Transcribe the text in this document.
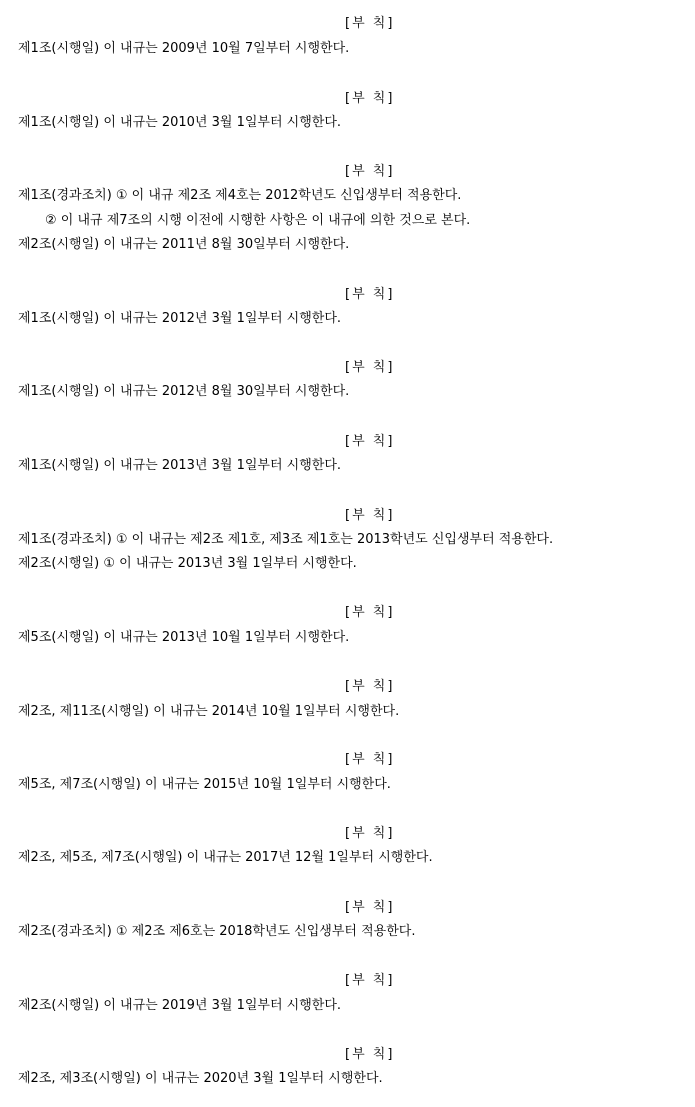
[부 칙]
제1조(시행일) 이 내규는 2009년 10월 7일부터 시행한다.
[부 칙]
제1조(시행일) 이 내규는 2010년 3월 1일부터 시행한다.
[부 칙]
제1조(경과조치) ① 이 내규 제2조 제4호는 2012학년도 신입생부터 적용한다.
② 이 내규 제7조의 시행 이전에 시행한 사항은 이 내규에 의한 것으로 본다.
제2조(시행일) 이 내규는 2011년 8월 30일부터 시행한다.
[부 칙]
제1조(시행일) 이 내규는 2012년 3월 1일부터 시행한다.
[부 칙]
제1조(시행일) 이 내규는 2012년 8월 30일부터 시행한다.
[부 칙]
제1조(시행일) 이 내규는 2013년 3월 1일부터 시행한다.
[부 칙]
제1조(경과조치) ① 이 내규는 제2조 제1호, 제3조 제1호는 2013학년도 신입생부터 적용한다.
제2조(시행일) ① 이 내규는 2013년 3월 1일부터 시행한다.
[부 칙]
제5조(시행일) 이 내규는 2013년 10월 1일부터 시행한다.
[부 칙]
제2조, 제11조(시행일) 이 내규는 2014년 10월 1일부터 시행한다.
[부 칙]
제5조, 제7조(시행일) 이 내규는 2015년 10월 1일부터 시행한다.
[부 칙]
제2조, 제5조, 제7조(시행일) 이 내규는 2017년 12월 1일부터 시행한다.
[부 칙]
제2조(경과조치) ① 제2조 제6호는 2018학년도 신입생부터 적용한다.
[부 칙]
제2조(시행일) 이 내규는 2019년 3월 1일부터 시행한다.
[부 칙]
제2조, 제3조(시행일) 이 내규는 2020년 3월 1일부터 시행한다.
